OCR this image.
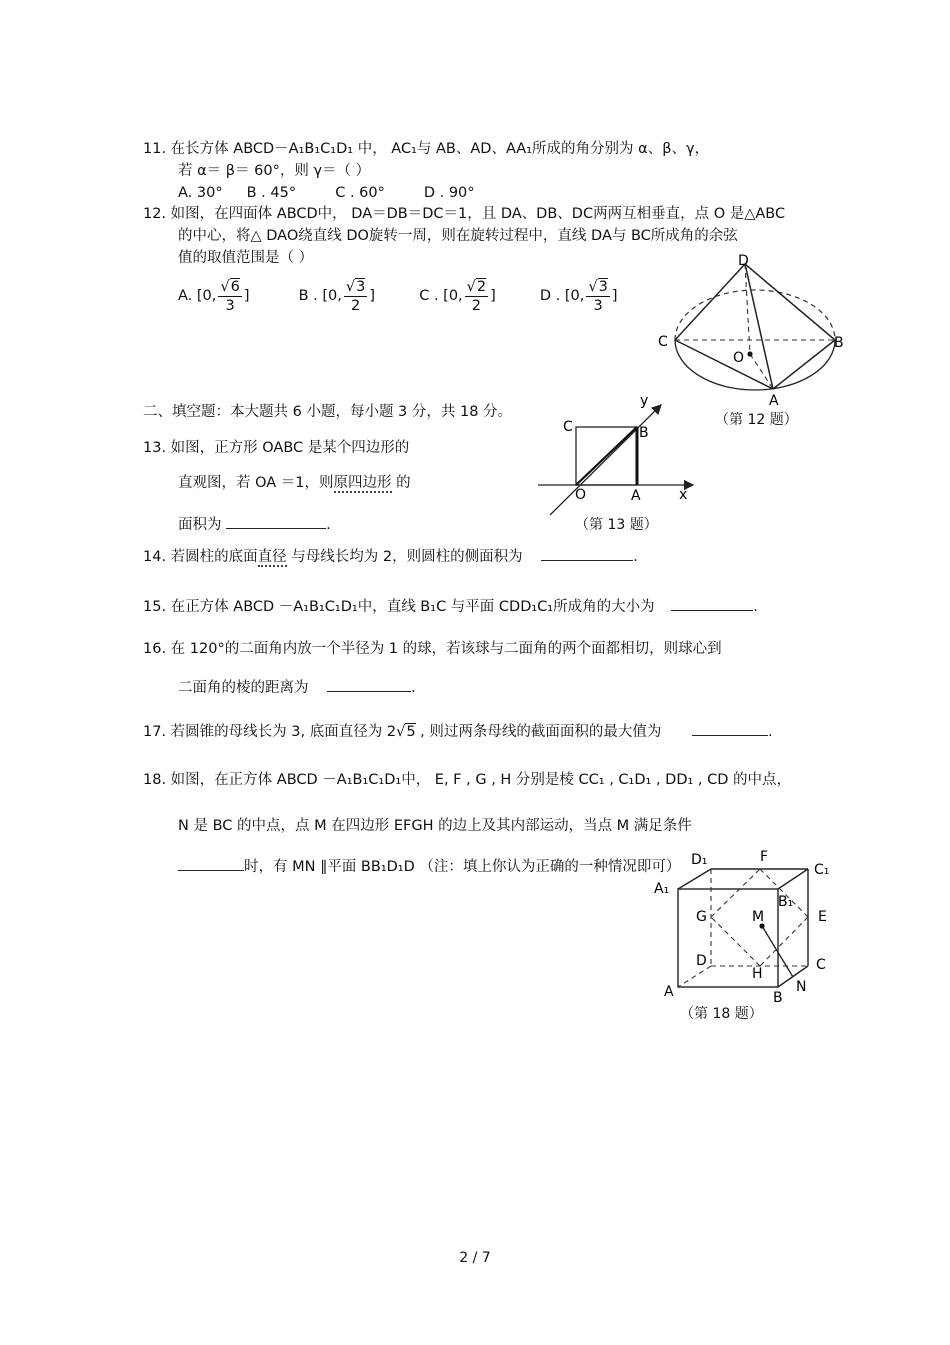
11. 在长方体 ABCD－A₁B₁C₁D₁ 中， AC₁与 AB、AD、AA₁所成的角分别为 α、β、γ，
若 α＝ β＝ 60°，则 γ＝（ ）
A. 30° B . 45°	C . 60°	D . 90°
12. 如图，在四面体 ABCD中， DA＝DB＝DC＝1，且 DA、DB、DC两两互相垂直，点 O 是△ABC
的中心，将△ DAO绕直线 DO旋转一周，则在旋转过程中，直线 DA与 BC所成角的余弦
值的取值范围是（ ）
A. [0, $\frac{√6}{3}$ ]	B . [0, $\frac{√3}{2}$ ]	C . [0, $\frac{√2}{2}$ ]	D . [0, $\frac{√3}{3}$ ]
D
C	B
O
A
（第 12 题）
二、填空题：本大题共 6 小题，每小题 3 分，共 18 分。
13. 如图，正方形 OABC 是某个四边形的
直观图，若 OA ＝1，则原四边形 的
面积为	.
y
C	B
O	A	x
（第 13 题）
14. 若圆柱的底面直径 与母线长均为 2，则圆柱的侧面积为	.
15. 在正方体 ABCD －A₁B₁C₁D₁中，直线 B₁C 与平面 CDD₁C₁所成角的大小为	.
16. 在 120°的二面角内放一个半径为 1 的球，若该球与二面角的两个面都相切，则球心到
二面角的棱的距离为	.
17. 若圆锥的母线长为 3, 底面直径为 2√5 , 则过两条母线的截面面积的最大值为	.
18. 如图，在正方体 ABCD －A₁B₁C₁D₁中， E, F , G , H 分别是棱 CC₁ , C₁D₁ , DD₁ , CD 的中点，
N 是 BC 的中点，点 M 在四边形 EFGH 的边上及其内部运动，当点 M 满足条件
时，有 MN ∥平面 BB₁D₁D （注：填上你认为正确的一种情况即可） D₁	F
C₁
A₁
B₁
G	M	E
D
H
C
A	B
N
（第 18 题）
2 / 7
